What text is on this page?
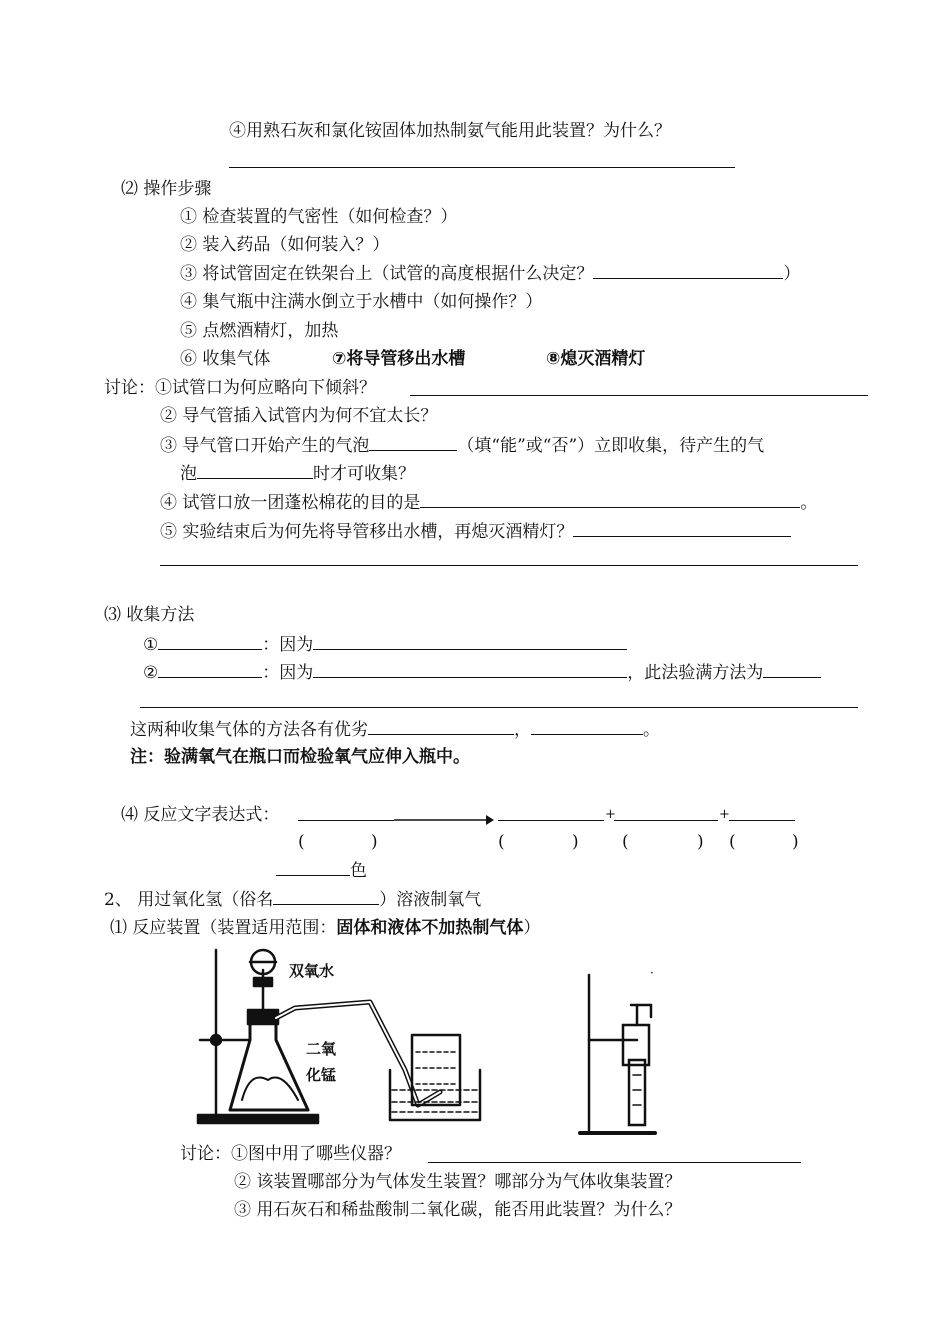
④用熟石灰和氯化铵固体加热制氨气能用此装置？为什么？
⑵ 操作步骤
① 检查装置的气密性（如何检查？）
② 装入药品（如何装入？）
③ 将试管固定在铁架台上（试管的高度根据什么决定？	）
④ 集气瓶中注满水倒立于水槽中（如何操作？）
⑤ 点燃酒精灯，加热
⑥ 收集气体	⑦将导管移出水槽	⑧熄灭酒精灯
讨论：①试管口为何应略向下倾斜？
② 导气管插入试管内为何不宜太长？
③ 导气管口开始产生的气泡	（填“能”或“否”）立即收集，待产生的气
泡	时才可收集？
④ 试管口放一团蓬松棉花的目的是	。
⑤ 实验结束后为何先将导管移出水槽，再熄灭酒精灯？
⑶ 收集方法
①	：因为
②	：因为	，此法验满方法为
这两种收集气体的方法各有优劣	，	。
注：验满氧气在瓶口而检验氧气应伸入瓶中。
⑷ 反应文字表达式：	+	+
(	)	(	)	(	) (	)
色
2、 用过氧化氢（俗名	）溶液制氧气
⑴ 反应装置（装置适用范围：固体和液体不加热制气体）
双氧水
二氧
化锰
·
讨论：①图中用了哪些仪器？
② 该装置哪部分为气体发生装置？哪部分为气体收集装置？
③ 用石灰石和稀盐酸制二氧化碳，能否用此装置？为什么？
